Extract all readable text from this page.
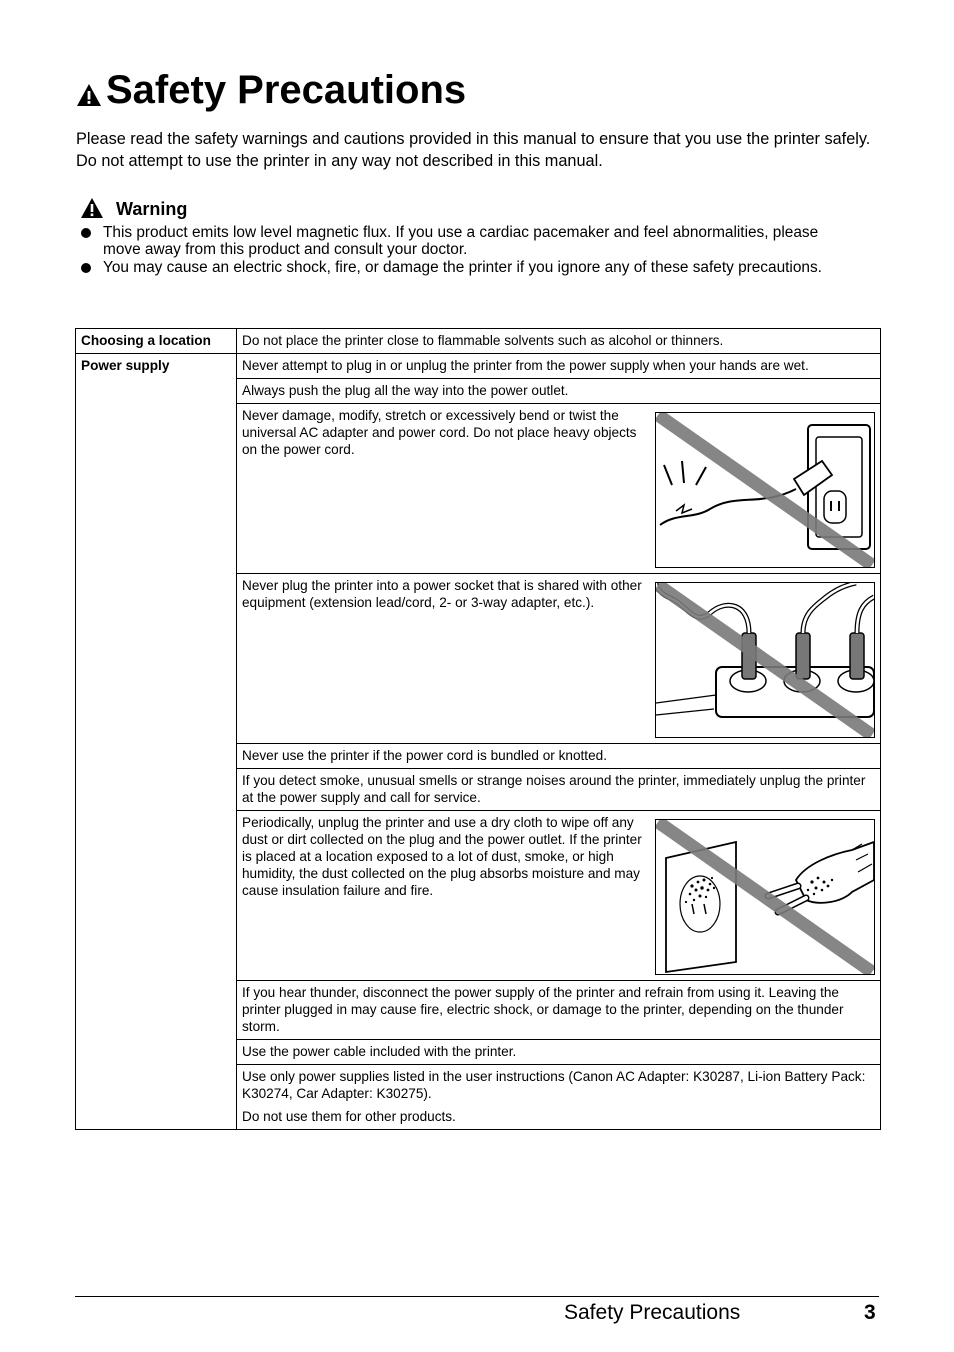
Safety Precautions
Please read the safety warnings and cautions provided in this manual to ensure that you use the printer safely. Do not attempt to use the printer in any way not described in this manual.
Warning
This product emits low level magnetic flux. If you use a cardiac pacemaker and feel abnormalities, please move away from this product and consult your doctor.
You may cause an electric shock, fire, or damage the printer if you ignore any of these safety precautions.
Choosing a location	Do not place the printer close to flammable solvents such as alcohol or thinners.
Power supply	Never attempt to plug in or unplug the printer from the power supply when your hands are wet.
	Always push the plug all the way into the power outlet.

	Never damage, modify, stretch or excessively bend or twist the universal AC adapter and power cord. Do not place heavy objects on the power cord.

	Never plug the printer into a power socket that is shared with other equipment (extension lead/cord, 2- or 3-way adapter, etc.).

	Never use the printer if the power cord is bundled or knotted.
	If you detect smoke, unusual smells or strange noises around the printer, immediately unplug the printer at the power supply and call for service.

	Periodically, unplug the printer and use a dry cloth to wipe off any dust or dirt collected on the plug and the power outlet. If the printer is placed at a location exposed to a lot of dust, smoke, or high humidity, the dust collected on the plug absorbs moisture and may cause insulation failure and fire.

	If you hear thunder, disconnect the power supply of the printer and refrain from using it. Leaving the printer plugged in may cause fire, electric shock, or damage to the printer, depending on the thunder storm.
	Use the power cable included with the printer.

	Use only power supplies listed in the user instructions (Canon AC Adapter: K30287, Li-ion Battery Pack: K30274, Car Adapter: K30275).
Do not use them for other products.
Safety Precautions	3
